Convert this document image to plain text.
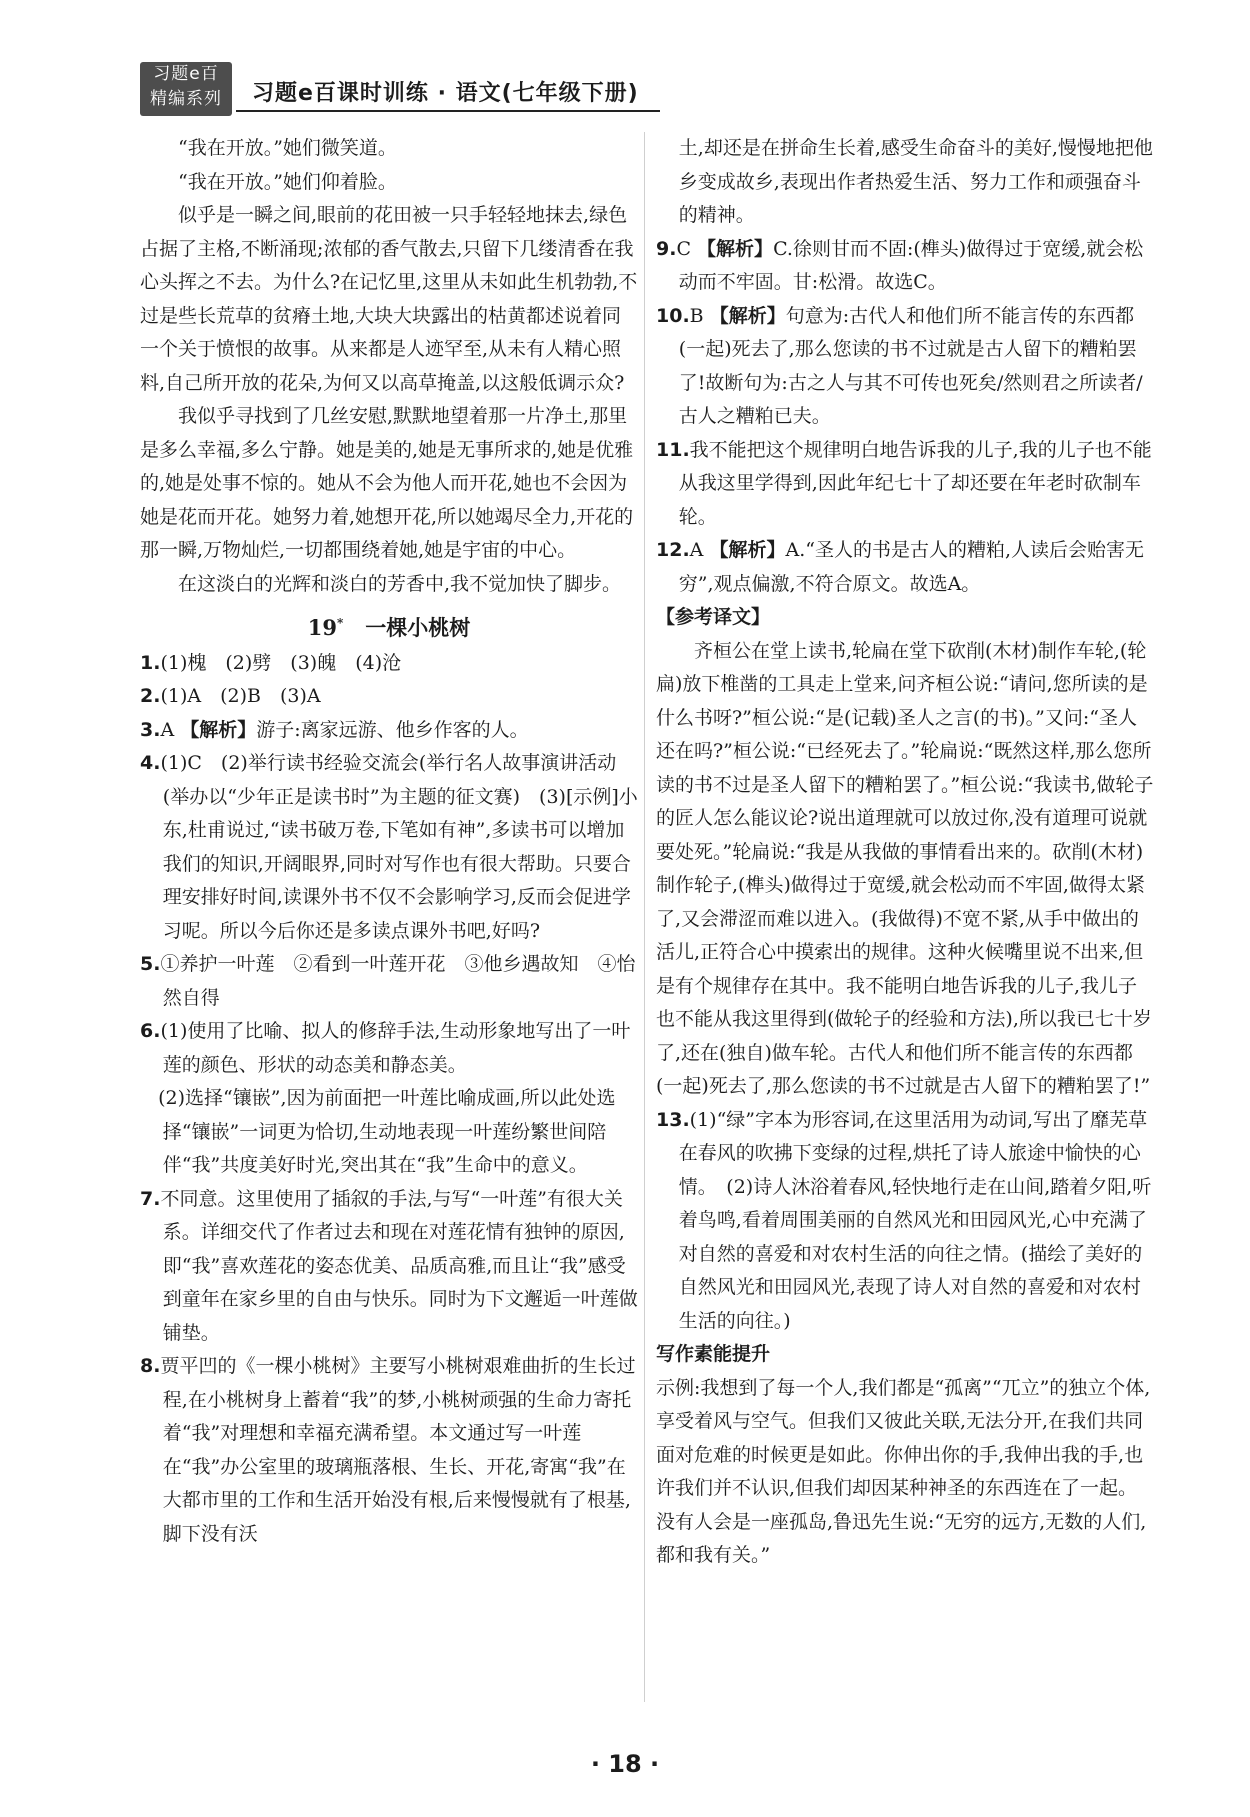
习题e百
精编系列	习题e百课时训练 · 语文(七年级下册)

“我在开放。”她们微笑道。

“我在开放。”她们仰着脸。

似乎是一瞬之间,眼前的花田被一只手轻轻地抹去,绿色占据了主格,不断涌现;浓郁的香气散去,只留下几缕清香在我心头挥之不去。为什么?在记忆里,这里从未如此生机勃勃,不过是些长荒草的贫瘠土地,大块大块露出的枯黄都述说着同一个关于愤恨的故事。从来都是人迹罕至,从未有人精心照料,自己所开放的花朵,为何又以高草掩盖,以这般低调示众?

我似乎寻找到了几丝安慰,默默地望着那一片净土,那里是多么幸福,多么宁静。她是美的,她是无事所求的,她是优雅的,她是处事不惊的。她从不会为他人而开花,她也不会因为她是花而开花。她努力着,她想开花,所以她竭尽全力,开花的那一瞬,万物灿烂,一切都围绕着她,她是宇宙的中心。

在这淡白的光辉和淡白的芳香中,我不觉加快了脚步。

19* 一棵小桃树

1.(1)槐　(2)劈　(3)魄　(4)沧

2.(1)A　(2)B　(3)A

3.A 【解析】游子:离家远游、他乡作客的人。

4.(1)C　(2)举行读书经验交流会(举行名人故事演讲活动(举办以“少年正是读书时”为主题的征文赛)　(3)[示例]小东,杜甫说过,“读书破万卷,下笔如有神”,多读书可以增加我们的知识,开阔眼界,同时对写作也有很大帮助。只要合理安排好时间,读课外书不仅不会影响学习,反而会促进学习呢。所以今后你还是多读点课外书吧,好吗?

5.①养护一叶莲　②看到一叶莲开花　③他乡遇故知　④怡然自得

6.(1)使用了比喻、拟人的修辞手法,生动形象地写出了一叶莲的颜色、形状的动态美和静态美。

(2)选择“镶嵌”,因为前面把一叶莲比喻成画,所以此处选择“镶嵌”一词更为恰切,生动地表现一叶莲纷繁世间陪伴“我”共度美好时光,突出其在“我”生命中的意义。

7.不同意。这里使用了插叙的手法,与写“一叶莲”有很大关系。详细交代了作者过去和现在对莲花情有独钟的原因,即“我”喜欢莲花的姿态优美、品质高雅,而且让“我”感受到童年在家乡里的自由与快乐。同时为下文邂逅一叶莲做铺垫。

8.贾平凹的《一棵小桃树》主要写小桃树艰难曲折的生长过程,在小桃树身上蓄着“我”的梦,小桃树顽强的生命力寄托着“我”对理想和幸福充满希望。本文通过写一叶莲在“我”办公室里的玻璃瓶落根、生长、开花,寄寓“我”在大都市里的工作和生活开始没有根,后来慢慢就有了根基,脚下没有沃

土,却还是在拼命生长着,感受生命奋斗的美好,慢慢地把他乡变成故乡,表现出作者热爱生活、努力工作和顽强奋斗的精神。

9.C 【解析】C.徐则甘而不固:(榫头)做得过于宽缓,就会松动而不牢固。甘:松滑。故选C。

10.B 【解析】句意为:古代人和他们所不能言传的东西都(一起)死去了,那么您读的书不过就是古人留下的糟粕罢了!故断句为:古之人与其不可传也死矣/然则君之所读者/古人之糟粕已夫。

11.我不能把这个规律明白地告诉我的儿子,我的儿子也不能从我这里学得到,因此年纪七十了却还要在年老时砍制车轮。

12.A 【解析】A.“圣人的书是古人的糟粕,人读后会贻害无穷”,观点偏激,不符合原文。故选A。

【参考译文】

齐桓公在堂上读书,轮扁在堂下砍削(木材)制作车轮,(轮扁)放下椎凿的工具走上堂来,问齐桓公说:“请问,您所读的是什么书呀?”桓公说:“是(记载)圣人之言(的书)。”又问:“圣人还在吗?”桓公说:“已经死去了。”轮扁说:“既然这样,那么您所读的书不过是圣人留下的糟粕罢了。”桓公说:“我读书,做轮子的匠人怎么能议论?说出道理就可以放过你,没有道理可说就要处死。”轮扁说:“我是从我做的事情看出来的。砍削(木材)制作轮子,(榫头)做得过于宽缓,就会松动而不牢固,做得太紧了,又会滞涩而难以进入。(我做得)不宽不紧,从手中做出的活儿,正符合心中摸索出的规律。这种火候嘴里说不出来,但是有个规律存在其中。我不能明白地告诉我的儿子,我儿子也不能从我这里得到(做轮子的经验和方法),所以我已七十岁了,还在(独自)做车轮。古代人和他们所不能言传的东西都(一起)死去了,那么您读的书不过就是古人留下的糟粕罢了!”

13.(1)“绿”字本为形容词,在这里活用为动词,写出了靡芜草在春风的吹拂下变绿的过程,烘托了诗人旅途中愉快的心情。　(2)诗人沐浴着春风,轻快地行走在山间,踏着夕阳,听着鸟鸣,看着周围美丽的自然风光和田园风光,心中充满了对自然的喜爱和对农村生活的向往之情。(描绘了美好的自然风光和田园风光,表现了诗人对自然的喜爱和对农村生活的向往。)

写作素能提升

示例:我想到了每一个人,我们都是“孤离”“兀立”的独立个体,享受着风与空气。但我们又彼此关联,无法分开,在我们共同面对危难的时候更是如此。你伸出你的手,我伸出我的手,也许我们并不认识,但我们却因某种神圣的东西连在了一起。没有人会是一座孤岛,鲁迅先生说:“无穷的远方,无数的人们,都和我有关。”

· 18 ·
